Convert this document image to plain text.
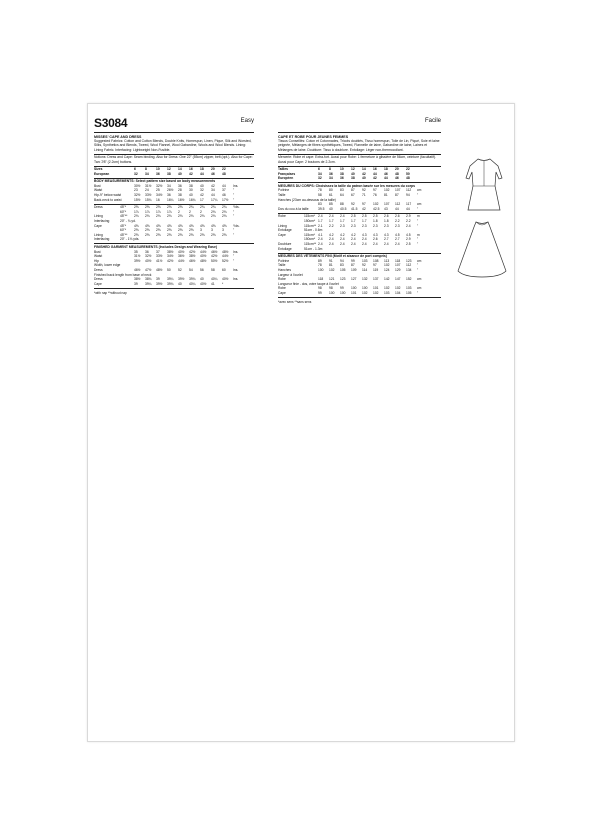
S3084	Easy
MISSES' CAPE AND DRESS

Suggested Fabrics: Cotton and Cotton Blends, Double Knits, Homespun, Linen, Pique, Silk and Worsted, Silks, Synthetics and Blends, Tweed, Wool Flannel, Wool Gabardine, Wools and Wool Blends. Lining: Lining Fabric. Interfacing: Lightweight Non-Fusible.

Notions: Dress and Cape: Seam binding. Also for Dress: One 22" (55cm) zipper, belt (opt.). Also for Cape: Two 7⁄8" (2.2cm) buttons.

Sizes	6	8	10	12	14	16	18	20	22
European	32	34	36	38	40	42	44	46	48
BODY MEASUREMENTS: Select pattern size based on body measurements
Bust	30½	31½	32½	34	36	38	40	42	44	Ins.
Waist	23	24	25	26½	28	30	32	34	37	"
Hip-9" below waist	32½	33½	34½	36	38	40	42	44	46	"
Back-neck to waist	15½	15¾	16	16¼	16½	16¾	17	17¼	17½	"
Dress	45"*	2⅝	2⅝	2⅝	2⅝	2⅝	2¾	2¾	2¾	2¾	Yds.
60"*	1⅞	1⅞	1⅞	1⅞	2	2	2	2⅛	2⅛	"
Lining	45"**	2⅛	2⅛	2⅛	2⅛	2⅛	2⅛	2⅛	2⅛	2⅛	"
Interfacing	20" - ¾ yd.
Cape	45"*	4⅝	4⅝	4⅝	4⅝	4⅝	4⅝	4⅝	4⅝	4⅝	Yds.
60"*	2⅝	2⅝	2⅝	2⅝	2⅝	2⅝	3	3	3	"
Lining	45"**	2⅝	2⅝	2⅝	2⅝	2⅝	2⅝	2⅝	2⅝	2⅝	"
Interfacing	20" - 1⅛ yds.
FINISHED GARMENT MEASUREMENTS (Includes Design and Wearing Ease)
Bust	35	36	37	38½	40½	42½	44½	46½	48½	Ins.
Waist	31½	32½	33½	34½	36½	38½	40½	42½	44½	"
Hip	39½	40½	41½	42½	44½	46½	48½	50½	52½	"
Width, lower edge
Dress	46½	47½	48½	50	52	54	56	58	60	Ins.
Finished back length from base of neck
Dress	38½	38¾	39	39¼	39½	39¾	40	40¼	40½	Ins.
Cape	39	39¼	39½	39¾	40	40¼	40½	41	*
*with nap **without nap
Facile
CAPE ET ROBE POUR JEUNES FEMMES

Tissus Conseillés: Coton et Cotonnades, Tricots doublés, Tissu homespun, Toile de Lin, Piqué, Soie et laine peignée, Mélanges de fibres synthétiques, Tweed, Flannelle de laine, Gabardine de laine, Laines et Mélanges de laine. Doublure: Tissu à doublure. Entoilage: Léger non-thermocollant.

Mercerie: Robe et cape: Extra-fort. Aussi pour Robe: 1 fermeture à glissière de 56cm, ceinture (facultatif). Aussi pour Cape: 2 boutons de 2.2cm.

Tailles	6	8	10	12	14	16	18	20	22
Françaises	34	36	38	40	42	44	46	48	50
Européen	32	34	36	38	40	42	44	46	48
MESURES DU CORPS: Choisissez la taille du patron basée sur les mesures du corps
Poitrine	78	80	83	87	92	97	102	107	112	cm
Taille	58	61	64	67	71	76	81	87	94	"
Hanches (23cm au-dessous de la taille)
83	85	88	92	97	102	107	112	117	cm
Dos du cou à la taille	39.5	40	40.5	41.5	42	42.5	43	44	44	"
Robe	115cm* 2.4	2.4	2.4	2.5	2.5	2.5	2.6	2.6	2.9	m
150cm* 1.7	1.7	1.7	1.7	1.7	1.8	1.8	2.2	2.2	"
Lining	115cm** 2.1	2.2	2.3	2.3	2.3	2.3	2.3	2.3	2.4	"
Entoilage	51cm - 0.6m
Cape	115cm* 4.1	4.2	4.2	4.2	4.3	4.3	4.3	4.5	4.5	m
150cm* 2.4	2.4	2.4	2.4	2.4	2.6	2.7	2.7	2.9	"
Doublure	115cm** 2.4	2.4	2.4	2.4	2.4	2.4	2.4	2.4	2.5	"
Entoilage	51cm - 1.3m
MESURES DES VÊTEMENTS FINI (Motif et aisance de port compris)
Poitrine	89	91	94	99	103	108	113	118	123	cm
Taille	78	81	83	87	92	97	102	107	112	"
Hanches	100	102	105	109	114	119	124	129	134	"
Largeur à l'ourlet
Robe	118	121	123	127	132	137	142	147	152	cm
Longueur finie - dos, votre taupe à l'ourlet
Robe	98	98	99	100	100	101	102	102	103	cm
Cape	99	100	100	101	102	102	103	104	105	"
*avec sens **sans sens
